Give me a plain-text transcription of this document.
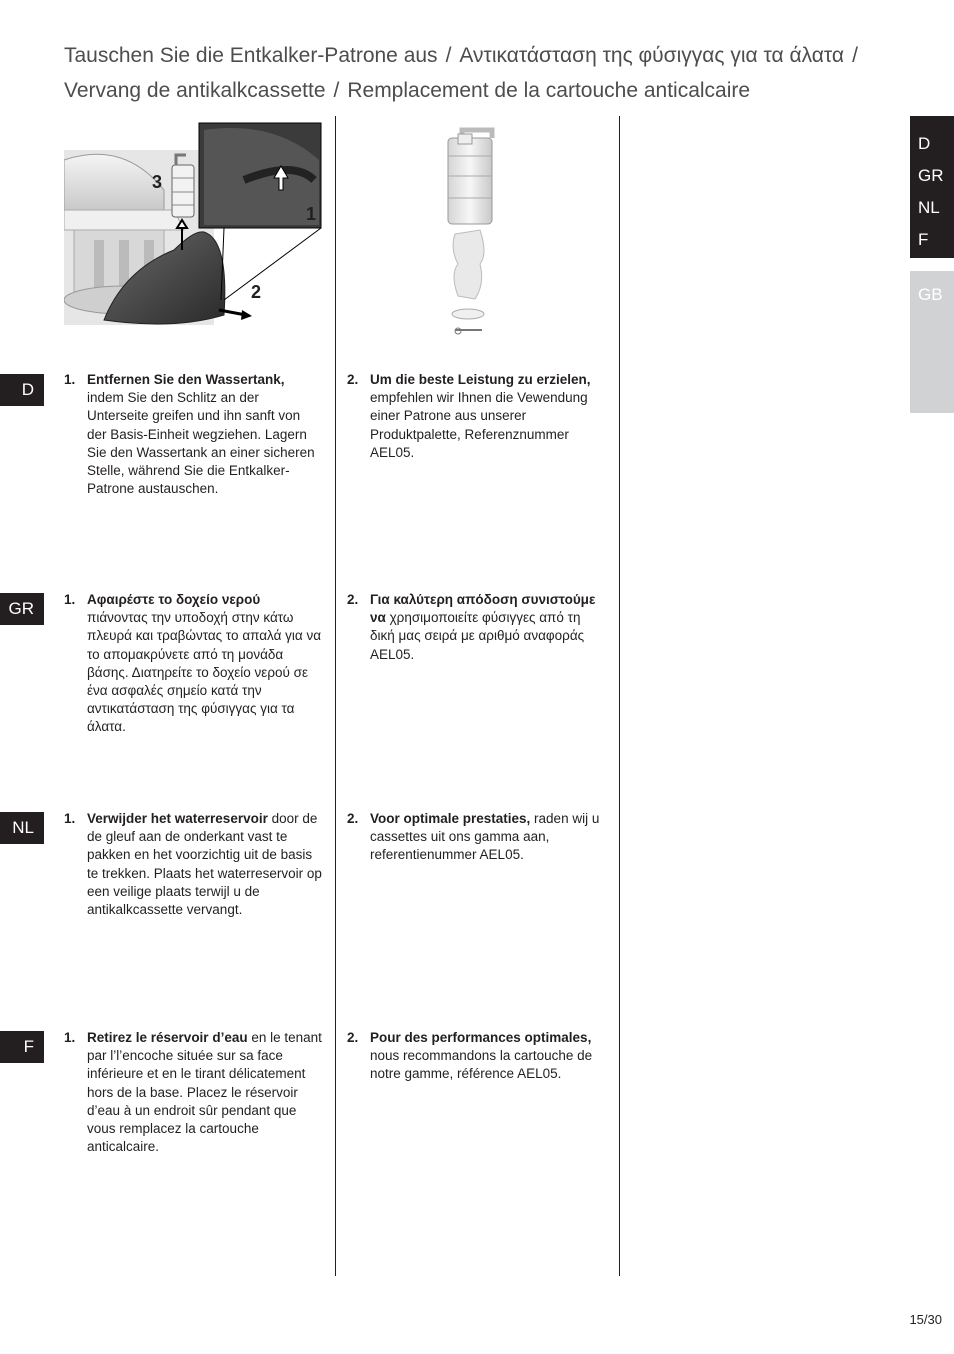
Tauschen Sie die Entkalker-Patrone aus / Αντικατάσταση της φύσιγγας για τα άλατα /
Vervang de antikalkcassette / Remplacement de la cartouche anticalcaire
D
GR
NL
F
GB
3
1
2
D
GR
NL
F
1. Entfernen Sie den Wassertank, indem Sie den Schlitz an der Unterseite greifen und ihn sanft von der Basis-Einheit wegziehen. Lagern Sie den Wassertank an einer sicheren Stelle, während Sie die Entkalker-Patrone austauschen.
2. Um die beste Leistung zu erzielen, empfehlen wir Ihnen die Vewendung einer Patrone aus unserer Produktpalette, Referenznummer AEL05.
1. Αφαιρέστε το δοχείο νερού πιάνοντας την υποδοχή στην κάτω πλευρά και τραβώντας το απαλά για να το απομακρύνετε από τη μονάδα βάσης. Διατηρείτε το δοχείο νερού σε ένα ασφαλές σημείο κατά την αντικατάσταση της φύσιγγας για τα άλατα.
2. Για καλύτερη απόδοση συνιστούμε να χρησιμοποιείτε φύσιγγες από τη δική μας σειρά με αριθμό αναφοράς AEL05.
1. Verwijder het waterreservoir door de de gleuf aan de onderkant vast te pakken en het voorzichtig uit de basis te trekken. Plaats het waterreservoir op een veilige plaats terwijl u de antikalkcassette vervangt.
2. Voor optimale prestaties, raden wij u cassettes uit ons gamma aan, referentienummer AEL05.
1. Retirez le réservoir d’eau en le tenant par l’l’encoche située sur sa face inférieure et en le tirant délicatement hors de la base. Placez le réservoir d’eau à un endroit sûr pendant que vous remplacez la cartouche anticalcaire.
2. Pour des performances optimales, nous recommandons la cartouche de notre gamme, référence AEL05.
15/30
